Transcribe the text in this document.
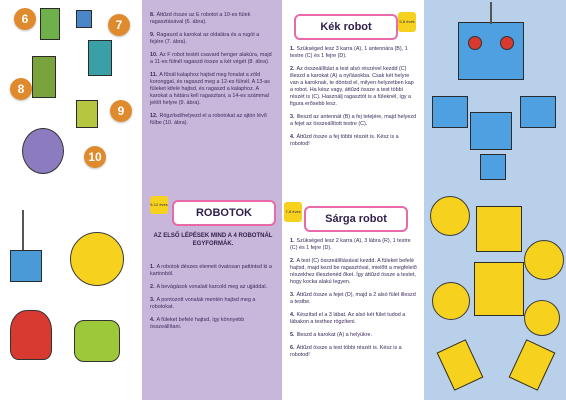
6	7
8
9
10

8. Áttűzd össze az E robotot a 10-es fülek ragasztásával (6. ábra).

9. Ragaszd a karokat az oldalára és a rugót a fejére (7. ábra).

10. Az F robot testét csavard henger alakúra, majd a 11-es fülnél ragaszd össze a két végét (8. ábra).

11. A fűnál kalaphoz hajtsd meg fonalat a zöld koronggal, és ragaszd meg a 12-es fülnél. A 13-as füleket kifelé hajtsd, és ragaszd a kalaphoz. A karokat a hátára kell ragasztani, a 14-es számmal jelölt helyre (9. ábra).

12. Rögzítsd/helyezd el a robotokat az ajtón lévő fülbe (10. ábra).

5-12 éves
ROBOTOK
AZ ELSŐ LÉPÉSEK MIND A 4 ROBOTNÁL EGYFORMÁK.

1. A robotok dészes elemeit óvatosan pattintsd ki a kartonból.

2. A bevágások vonalait karcold meg az ujjáddal.

3. A pontozott vonalak mentén hajtsd meg a robotokat.

4. A füleket befelé hajtsd, így könnyebb összeállítani.

Kék robot	5-8 évek

1. Szükséged lesz 3 karra (A), 1 antennára (B), 1 testre (C) és 1 fejre (D).

2. Az összeállítást a test alsó részével kezdd (C) illeszd a karokat (A) a nyílásokba. Csak két helyre van a karoknak, te döntsd el, milyen helyzetben kap a robot. Ha kész vagy, áttűzd össze a test többi részét is (C). Használj ragasztót is a füleknél, így a figura erősebb lesz.

3. Illeszd az antennát (B) a fej tetejére, majd helyezd a fejet az összeállított testre (C).

4. Áttűzd össze a fej többi részét is. Kész is a robotod!

7-8 éves
Sárga robot

1. Szükséged lesz 2 karra (A), 3 lábra (R), 1 testre (C) és 1 fejre (D).

2. A test (C) összeállításával kezdd. A füleket befelé hajtsd, majd kezd be ragasztóval, mielőtt a megfelelő részekhez illesztenéd őket. Így áttűzd össze a testet, hogy kocka alakú legyen.

3. Áttűzd össze a fejet (D), majd a 2 alsó fület illeszd a testbe.

4. Készítsd el a 3 lábat. Az alsó két fület tudod a lábakon a testhez rögzíteni.

5. Illeszd a karokat (A) a helyükre.

6. Áttűzd össze a test többi részét is. Kész is a robotod!
